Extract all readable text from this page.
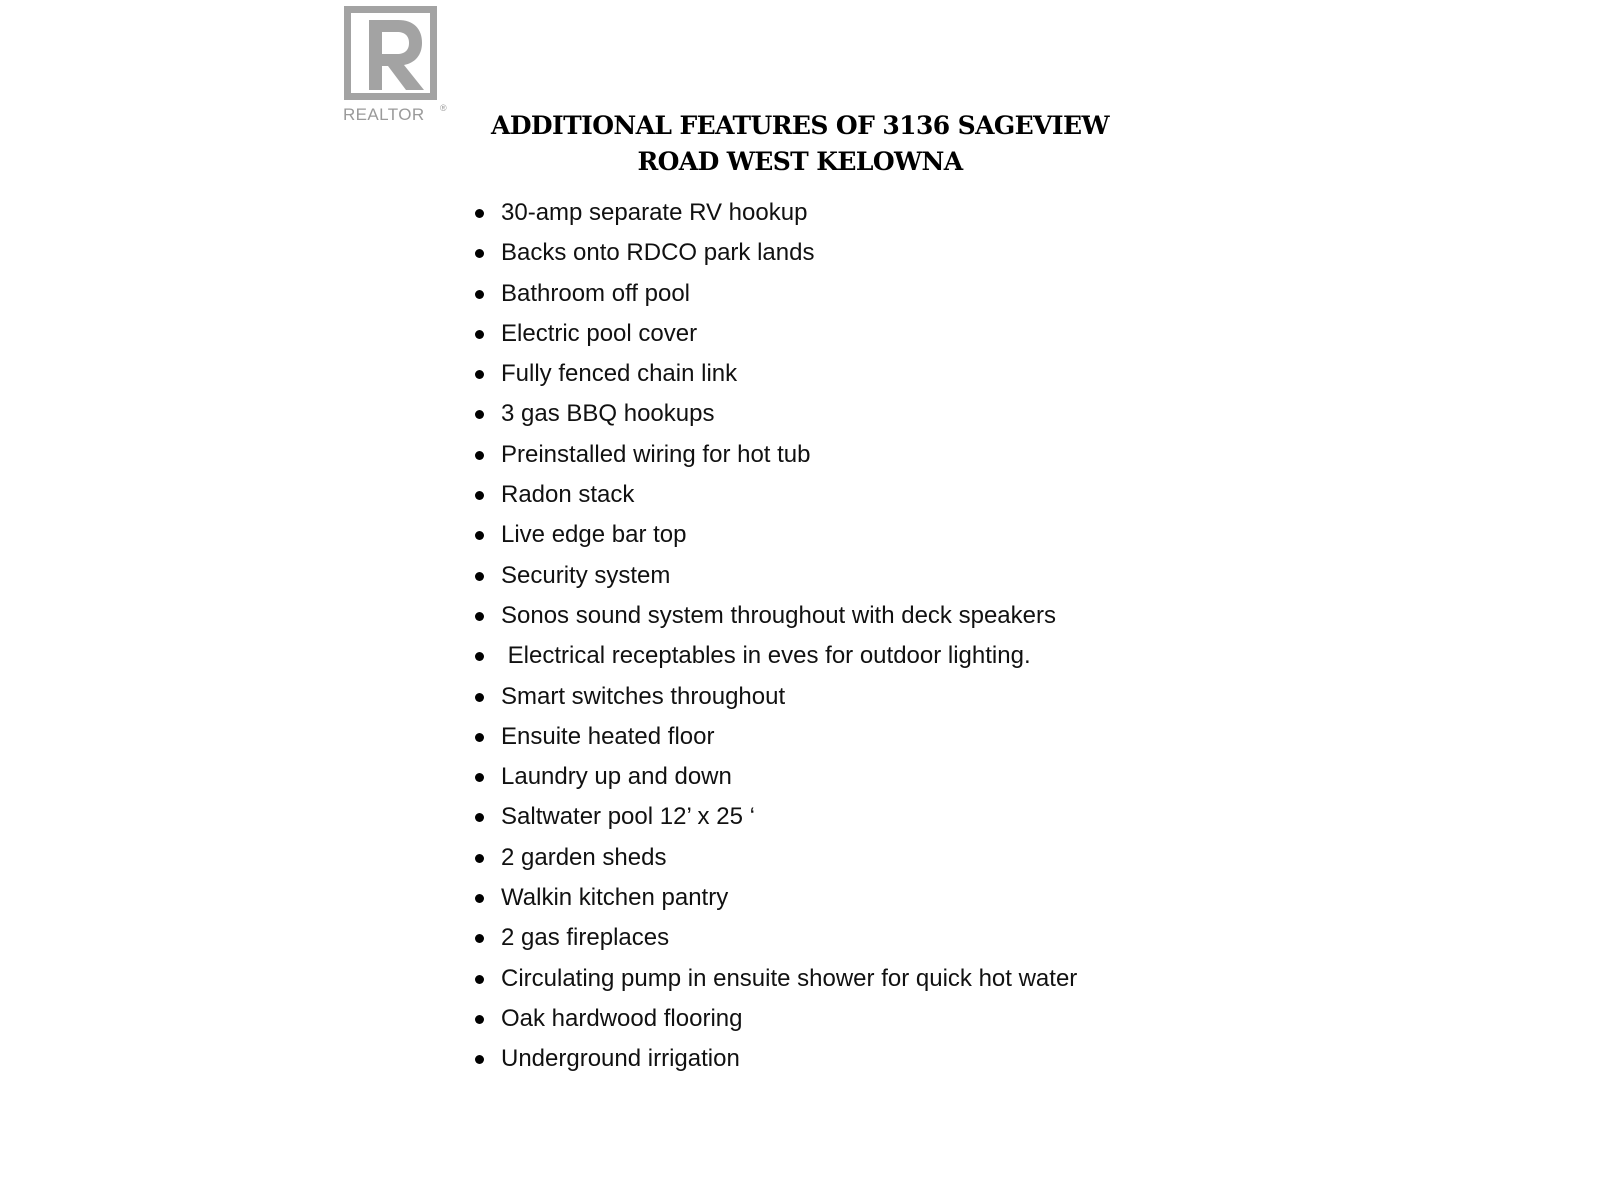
REALTOR ®
ADDITIONAL FEATURES OF 3136 SAGEVIEW
ROAD WEST KELOWNA
30-amp separate RV hookup
Backs onto RDCO park lands
Bathroom off pool
Electric pool cover
Fully fenced chain link
3 gas BBQ hookups
Preinstalled wiring for hot tub
Radon stack
Live edge bar top
Security system
Sonos sound system throughout with deck speakers
Electrical receptables in eves for outdoor lighting.
Smart switches throughout
Ensuite heated floor
Laundry up and down
Saltwater pool 12’ x 25 ‘
2 garden sheds
Walkin kitchen pantry
2 gas fireplaces
Circulating pump in ensuite shower for quick hot water
Oak hardwood flooring
Underground irrigation
